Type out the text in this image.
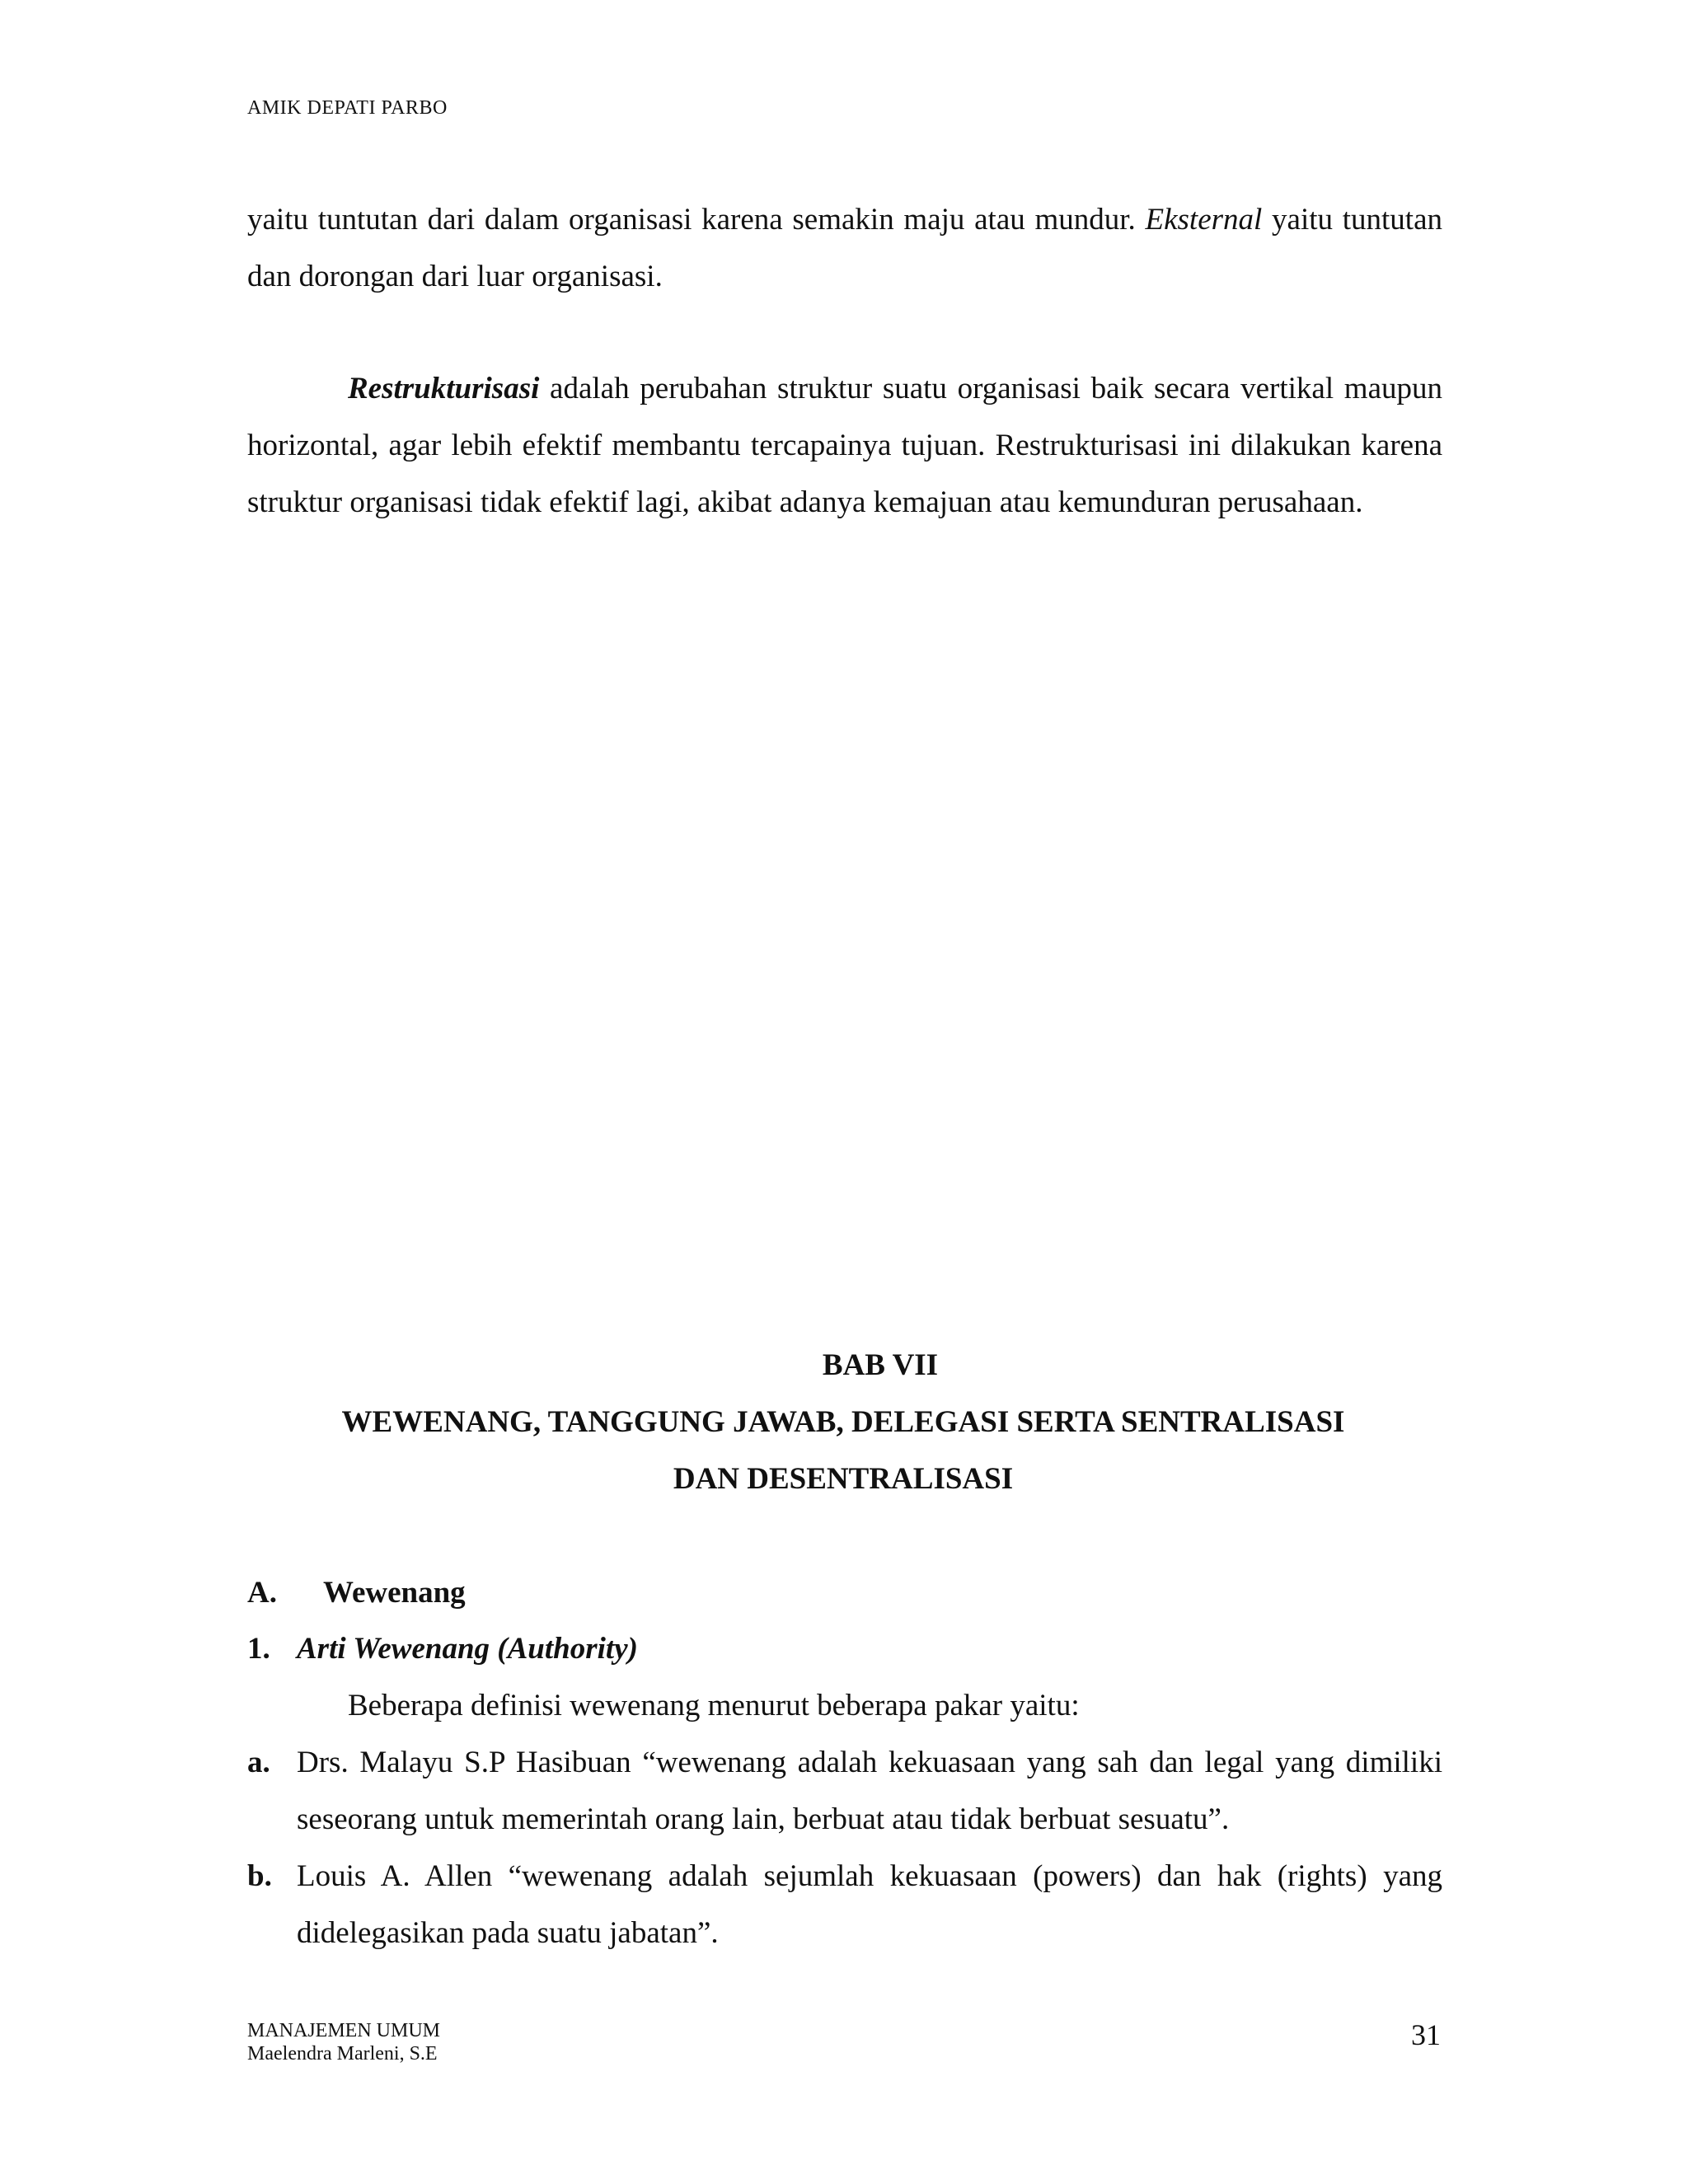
AMIK DEPATI PARBO

yaitu tuntutan dari dalam organisasi karena semakin maju atau mundur. Eksternal yaitu tuntutan dan dorongan dari luar organisasi.

Restrukturisasi adalah perubahan struktur suatu organisasi baik secara vertikal maupun horizontal, agar lebih efektif membantu tercapainya tujuan. Restrukturisasi ini dilakukan karena struktur organisasi tidak efektif lagi, akibat adanya kemajuan atau kemunduran perusahaan.

BAB VII
WEWENANG, TANGGUNG JAWAB, DELEGASI SERTA SENTRALISASI
DAN DESENTRALISASI
A. Wewenang
1. Arti Wewenang (Authority)
Beberapa definisi wewenang menurut beberapa pakar yaitu:
a. Drs. Malayu S.P Hasibuan “wewenang adalah kekuasaan yang sah dan legal yang dimiliki seseorang untuk memerintah orang lain, berbuat atau tidak berbuat sesuatu”.
b. Louis A. Allen “wewenang adalah sejumlah kekuasaan (powers) dan hak (rights) yang didelegasikan pada suatu jabatan”.
MANAJEMEN UMUM
Maelendra Marleni, S.E
31
